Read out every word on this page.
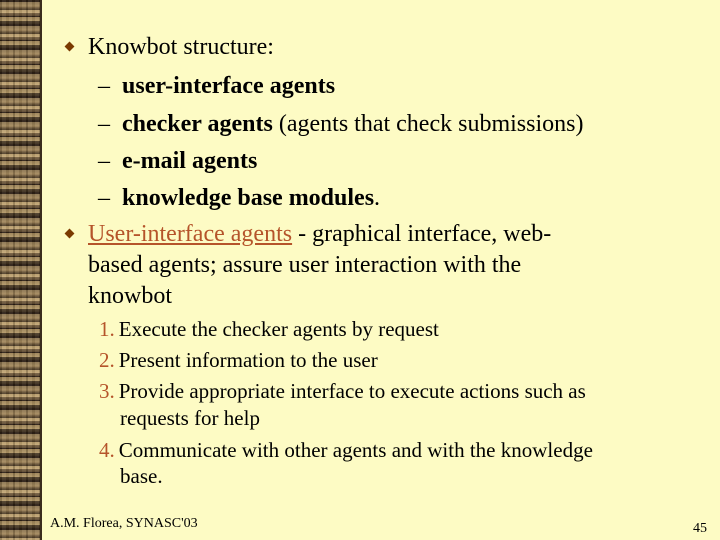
Knowbot structure:
– user-interface agents
– checker agents (agents that check submissions)
– e-mail agents
– knowledge base modules.
User-interface agents - graphical interface, web-
based agents; assure user interaction with the
knowbot
1. Execute the checker agents by request
2. Present information to the user
3. Provide appropriate interface to execute actions such as
requests for help
4. Communicate with other agents and with the knowledge
base.
A.M. Florea, SYNASC'03	45
